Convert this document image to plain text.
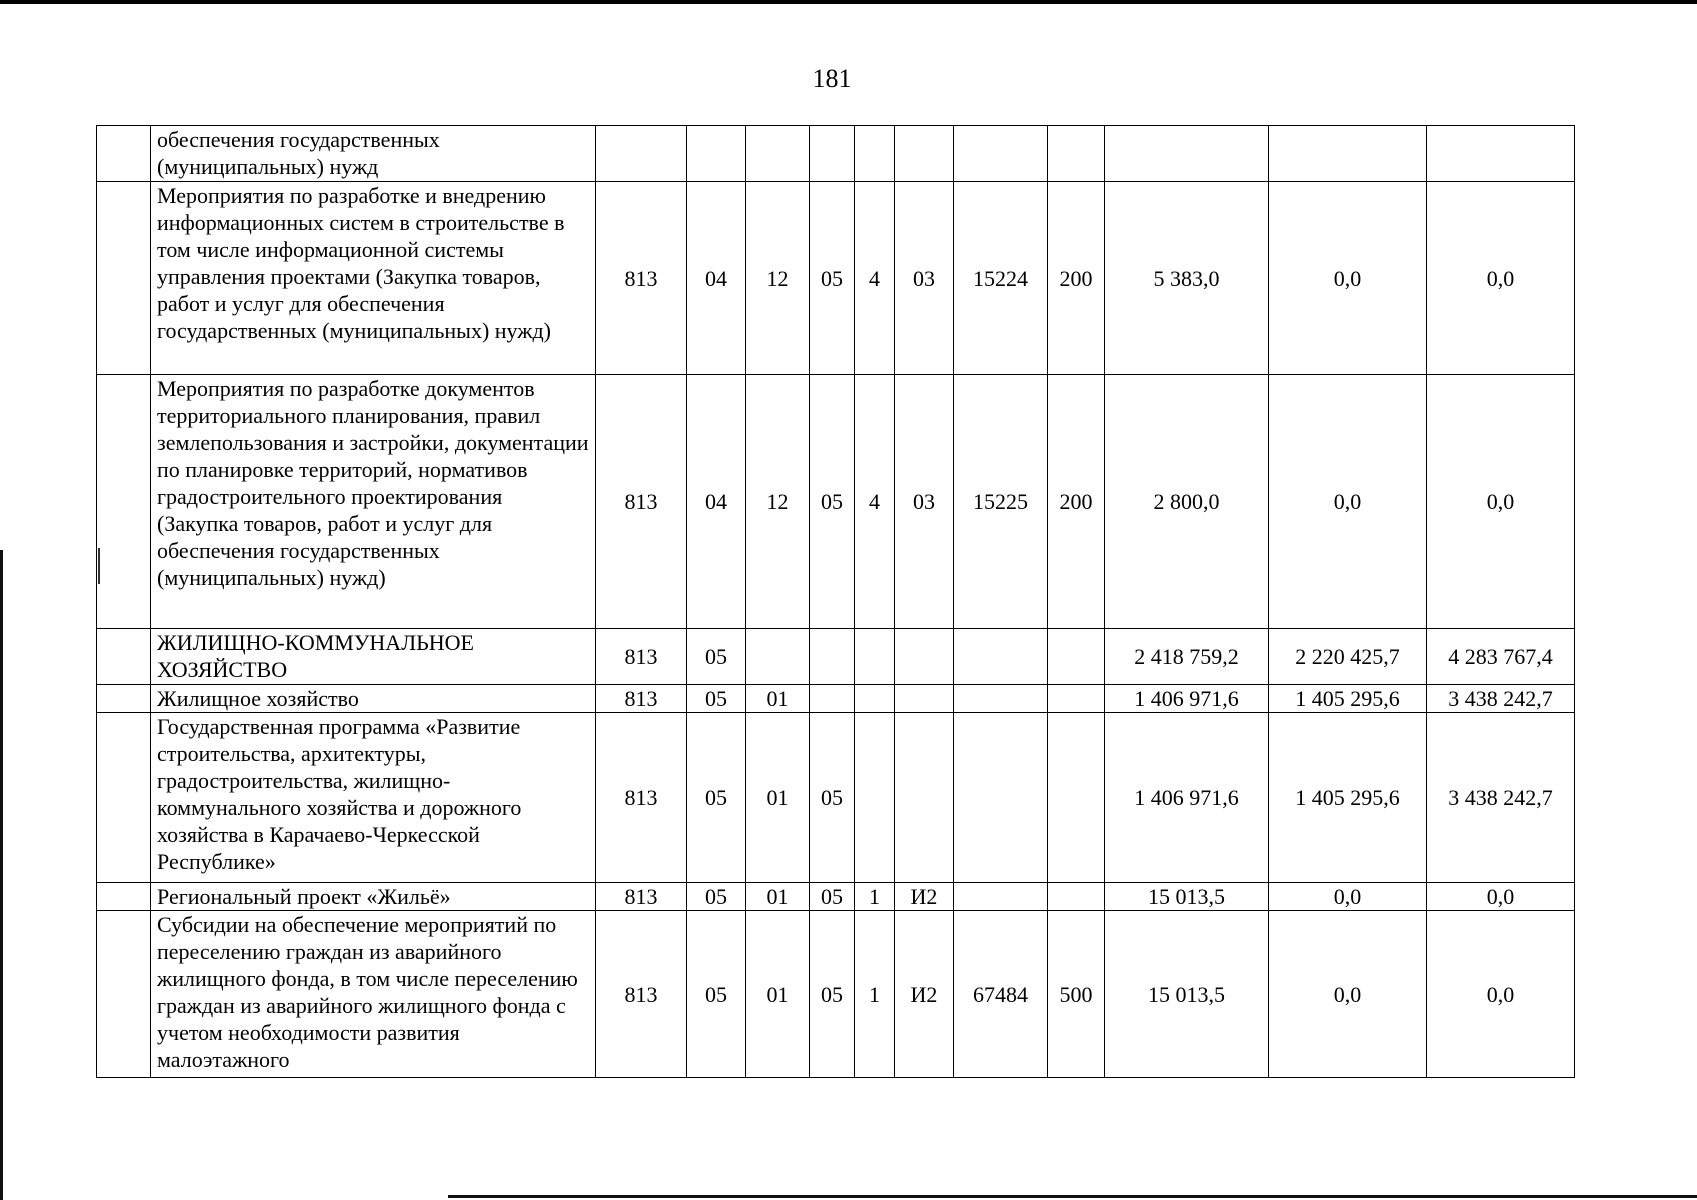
181
	обеспечения государственных (муниципальных) нужд											
	Мероприятия по разработке и внедрению информационных систем в строительстве в том числе информационной системы управления проектами (Закупка товаров, работ и услуг для обеспечения государственных (муниципальных) нужд)	813	04	12	05	4	03	15224	200	5 383,0	0,0	0,0
	Мероприятия по разработке документов территориального планирования, правил землепользования и застройки, документации по планировке территорий, нормативов градостроительного проектирования (Закупка товаров, работ и услуг для обеспечения государственных (муниципальных) нужд)	813	04	12	05	4	03	15225	200	2 800,0	0,0	0,0
	ЖИЛИЩНО-КОММУНАЛЬНОЕ ХОЗЯЙСТВО	813	05							2 418 759,2	2 220 425,7	4 283 767,4
	Жилищное хозяйство	813	05	01						1 406 971,6	1 405 295,6	3 438 242,7
	Государственная программа «Развитие строительства, архитектуры, градостроительства, жилищно-коммунального хозяйства и дорожного хозяйства в Карачаево-Черкесской Республике»	813	05	01	05					1 406 971,6	1 405 295,6	3 438 242,7
	Региональный проект «Жильё»	813	05	01	05	1	И2			15 013,5	0,0	0,0
	Субсидии на обеспечение мероприятий по переселению граждан из аварийного жилищного фонда, в том числе переселению граждан из аварийного жилищного фонда с учетом необходимости развития малоэтажного	813	05	01	05	1	И2	67484	500	15 013,5	0,0	0,0
